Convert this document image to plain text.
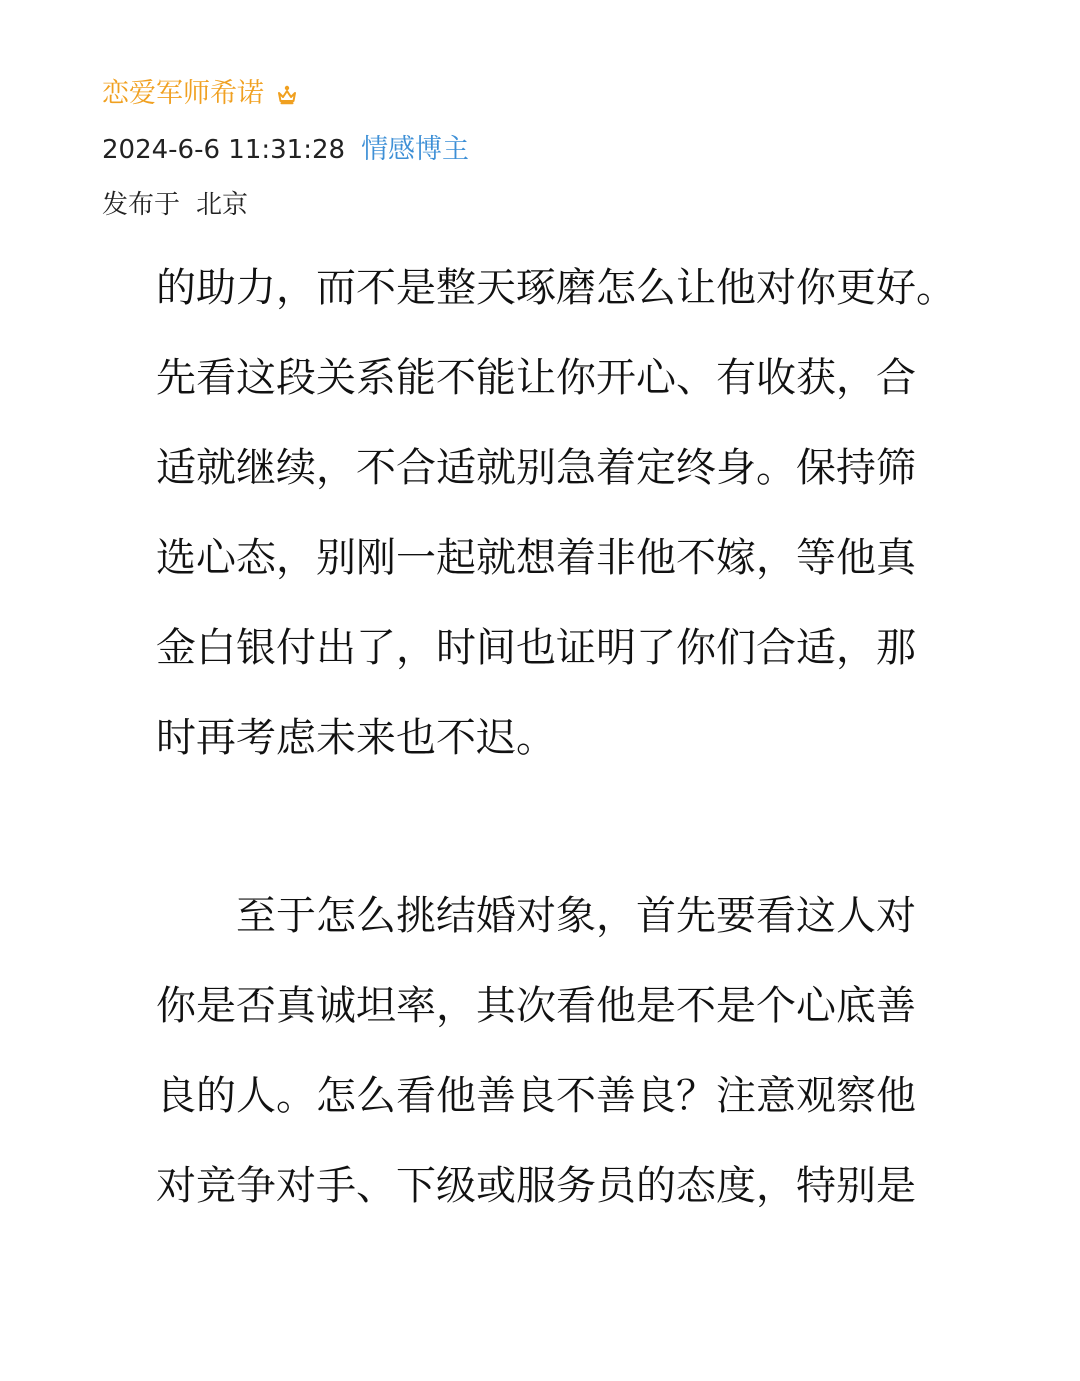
恋爱军师希诺
2024-6-6 11:31:28 情感博主
发布于 北京
的助力，而不是整天琢磨怎么让他对你更好。
先看这段关系能不能让你开心、有收获，合
适就继续，不合适就别急着定终身。保持筛
选心态，别刚一起就想着非他不嫁，等他真
金白银付出了，时间也证明了你们合适，那
时再考虑未来也不迟。
　　至于怎么挑结婚对象，首先要看这人对
你是否真诚坦率，其次看他是不是个心底善
良的人。怎么看他善良不善良？注意观察他
对竞争对手、下级或服务员的态度，特别是
